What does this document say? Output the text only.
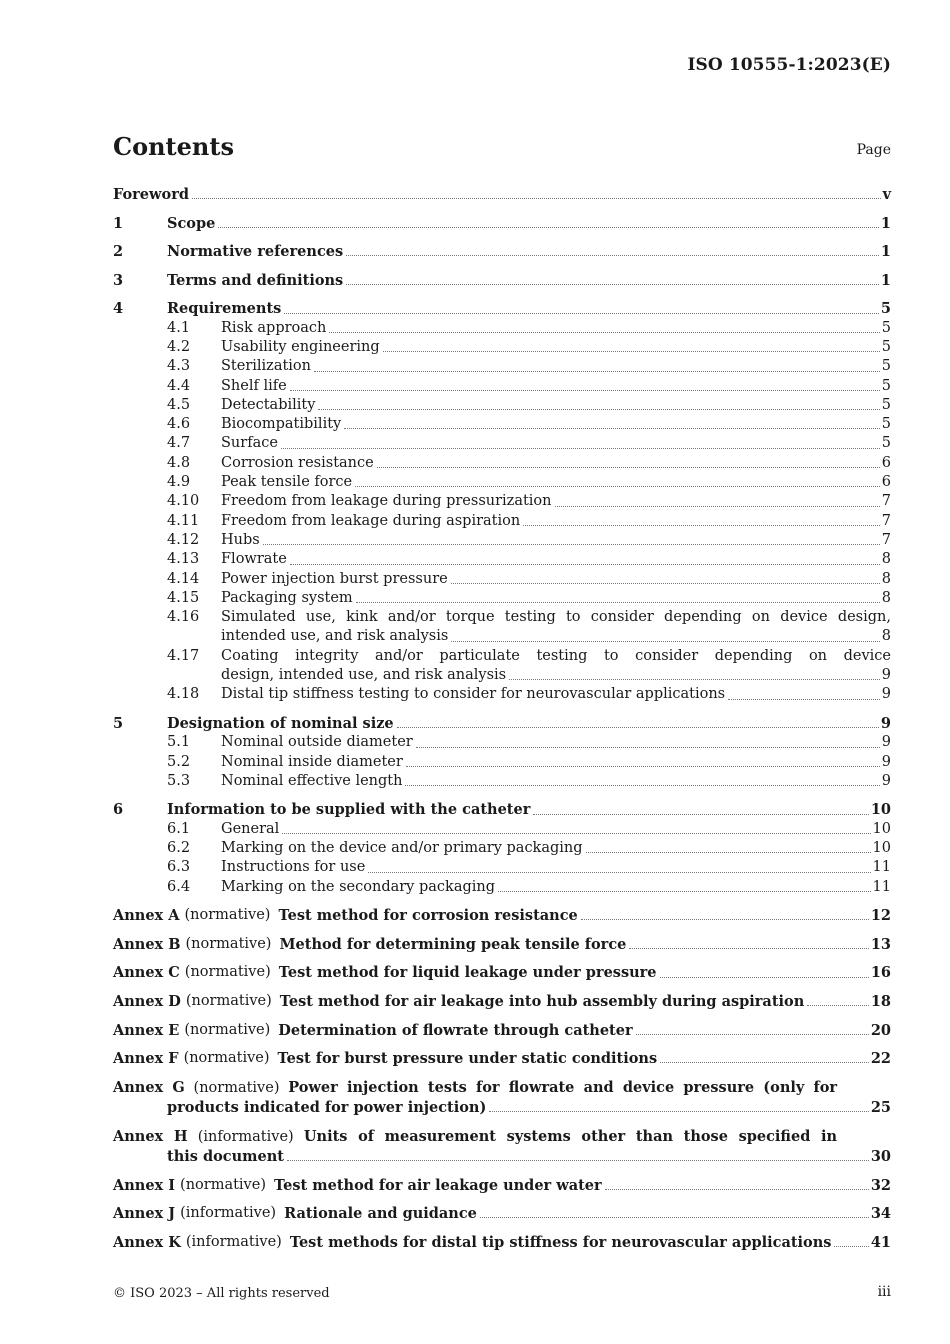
ISO 10555-1:2023(E)
Contents	Page
Foreword	v
1	Scope	1
2	Normative references	1
3	Terms and definitions	1
4	Requirements	5
4.1	Risk approach	5
4.2	Usability engineering	5
4.3	Sterilization	5
4.4	Shelf life	5
4.5	Detectability	5
4.6	Biocompatibility	5
4.7	Surface	5
4.8	Corrosion resistance	6
4.9	Peak tensile force	6
4.10	Freedom from leakage during pressurization	7
4.11	Freedom from leakage during aspiration	7
4.12	Hubs	7
4.13	Flowrate	8
4.14	Power injection burst pressure	8
4.15	Packaging system	8
4.16	Simulated use, kink and/or torque testing to consider depending on device design,
intended use, and risk analysis	8
4.17	Coating integrity and/or particulate testing to consider depending on device
design, intended use, and risk analysis	9
4.18	Distal tip stiffness testing to consider for neurovascular applications	9
5	Designation of nominal size	9
5.1	Nominal outside diameter	9
5.2	Nominal inside diameter	9
5.3	Nominal effective length	9
6	Information to be supplied with the catheter	10
6.1	General	10
6.2	Marking on the device and/or primary packaging	10
6.3	Instructions for use	11
6.4	Marking on the secondary packaging	11
Annex A (normative) Test method for corrosion resistance	12
Annex B (normative) Method for determining peak tensile force	13
Annex C (normative) Test method for liquid leakage under pressure	16
Annex D (normative) Test method for air leakage into hub assembly during aspiration	18
Annex E (normative) Determination of flowrate through catheter	20
Annex F (normative) Test for burst pressure under static conditions	22
Annex G (normative) Power injection tests for flowrate and device pressure (only for
products indicated for power injection)	25
Annex H (informative) Units of measurement systems other than those specified in
this document	30
Annex I (normative) Test method for air leakage under water	32
Annex J (informative) Rationale and guidance	34
Annex K (informative) Test methods for distal tip stiffness for neurovascular applications	41
© ISO 2023 – All rights reserved	iii
